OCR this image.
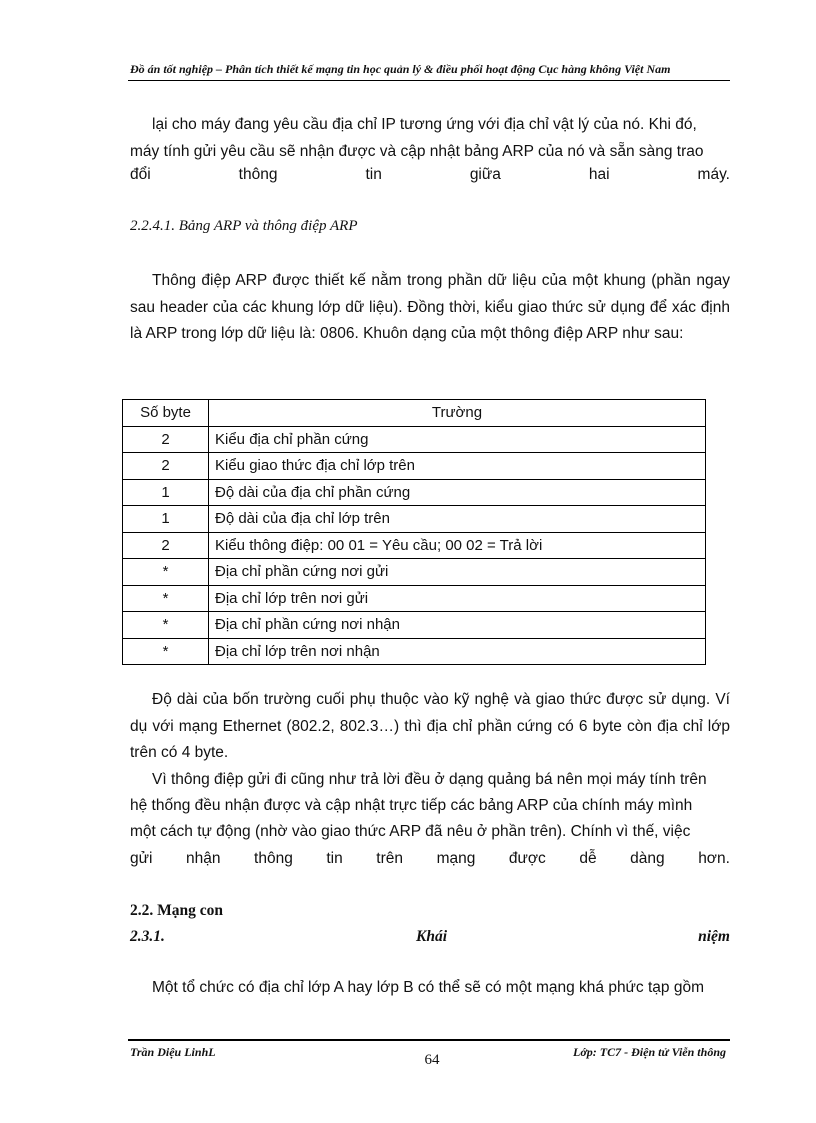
Đồ án tốt nghiệp – Phân tích thiết kế mạng tin học quản lý & điều phối hoạt động Cục hàng không Việt Nam
lại cho máy đang yêu cầu địa chỉ IP tương ứng với địa chỉ vật lý của nó. Khi đó,
máy tính gửi yêu cầu sẽ nhận được và cập nhật bảng ARP của nó và sẵn sàng trao
đổi	thông	tin	giữa	hai	máy.
2.2.4.1. Bảng ARP và thông điệp ARP

Thông điệp ARP được thiết kế nằm trong phần dữ liệu của một khung (phần ngay sau header của các khung lớp dữ liệu). Đồng thời, kiểu giao thức sử dụng để xác định là ARP trong lớp dữ liệu là: 0806. Khuôn dạng của một thông điệp ARP như sau:

Số byte	Trường
2	Kiểu địa chỉ phần cứng
2	Kiểu giao thức địa chỉ lớp trên
1	Độ dài của địa chỉ phần cứng
1	Độ dài của địa chỉ lớp trên
2	Kiểu thông điệp: 00 01 = Yêu cầu; 00 02 = Trả lời
*	Địa chỉ phần cứng nơi gửi
*	Địa chỉ lớp trên nơi gửi
*	Địa chỉ phần cứng nơi nhận
*	Địa chỉ lớp trên nơi nhận

Độ dài của bốn trường cuối phụ thuộc vào kỹ nghệ và giao thức được sử dụng. Ví dụ với mạng Ethernet (802.2, 802.3…) thì địa chỉ phần cứng có 6 byte còn địa chỉ lớp trên có 4 byte.

Vì thông điệp gửi đi cũng như trả lời đều ở dạng quảng bá nên mọi máy tính trên
hệ thống đều nhận được và cập nhật trực tiếp các bảng ARP của chính máy mình
một cách tự động (nhờ vào giao thức ARP đã nêu ở phần trên). Chính vì thế, việc
gửi nhận thông tin trên mạng được dễ dàng hơn.
2.2. Mạng con
2.3.1.	Khái	niệm
Một tổ chức có địa chỉ lớp A hay lớp B có thể sẽ có một mạng khá phức tạp gồm
Trần Diệu LinhL	64	Lớp: TC7 - Điện tử Viễn thông
